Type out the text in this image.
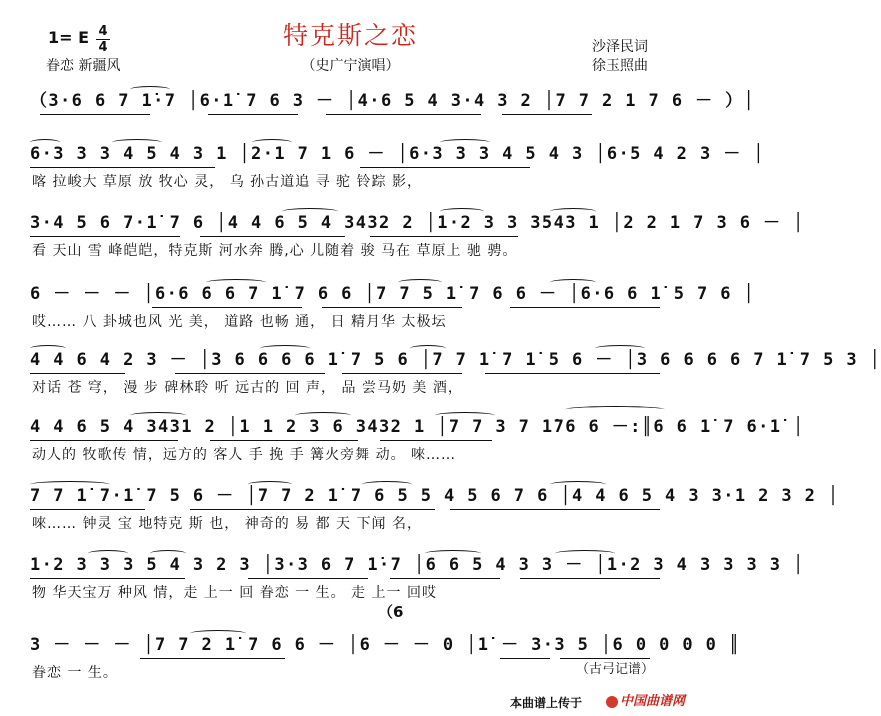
1= E 4
4	特克斯之恋
（史广宁演唱）
眷恋 新疆风
沙泽民词
徐玉照曲
（3·6 6 7 1̇·7 │6·1̇ 7 6 3 － │4·6 5 4 3·4 3 2 │7 7 2 1 7 6 － ）│
6·3 3 3 4 5 4 3 1 │2·1 7 1 6 － │6·3 3 3 4 5 4 3 │6·5 4 2 3 － │
喀 拉峻大 草原 放 牧心 灵， 乌 孙古道追 寻 驼 铃踪 影，
3·4 5 6 7·1̇ 7 6 │4 4 6 5 4 3432 2 │1·2 3 3 3543 1 │2 2 1 7 3 6 － │
看 天山 雪 峰皑皑，特克斯 河水奔 腾,心 儿随着 骏 马在 草原上 驰 骋。
6 － － － │6·6 6 6 7 1̇ 7 6 6 │7 7 5 1̇ 7 6 6 － │6·6 6 1̇ 5 7 6 │
哎…… 八 卦城也风 光 美， 道路 也畅 通， 日 精月华 太极坛
4 4 6 4 2 3 － │3 6 6 6 6 1̇ 7 5 6 │7 7 1̇ 7 1̇ 5 6 － │3 6 6 6 6 7 1̇ 7 5 3 │
对话 苍 穹， 漫 步 碑林聆 听 远古的 回 声， 品 尝马奶 美 酒，
4 4 6 5 4 3431 2 │1 1 2 3 6 3432 1 │7 7 3 7 1̇76 6 －:║6 6 1̇ 7 6·1̇ │
动人的 牧歌传 情，远方的 客人 手 挽 手 篝火旁舞 动。 唻……
7 7 1̇ 7·1̇ 7 5 6 － │7 7 2 1̇ 7 6 5 5 4 5 6 7 6 │4 4 6 5 4 3 3·1 2 3 2 │
唻…… 钟灵 宝 地特克 斯 也， 神奇的 易 都 天 下闻 名，
1·2 3 3 3 5 4 3 2 3 │3·3 6 7 1̇·7 │6 6 5 4 3 3 － │1·2 3 4 3 3 3 3 │
物 华天宝万 种风 情，走 上一 回 眷恋 一 生。 走 上一 回哎
（6
3 － － － │7 7 2 1̇ 7 6 6 － │6 － － 0 │1̇ － 3·3 5 │6 0 0 0 0 ║
眷恋 一 生。	（古弓记谱）
本曲谱上传于	中国曲谱网
